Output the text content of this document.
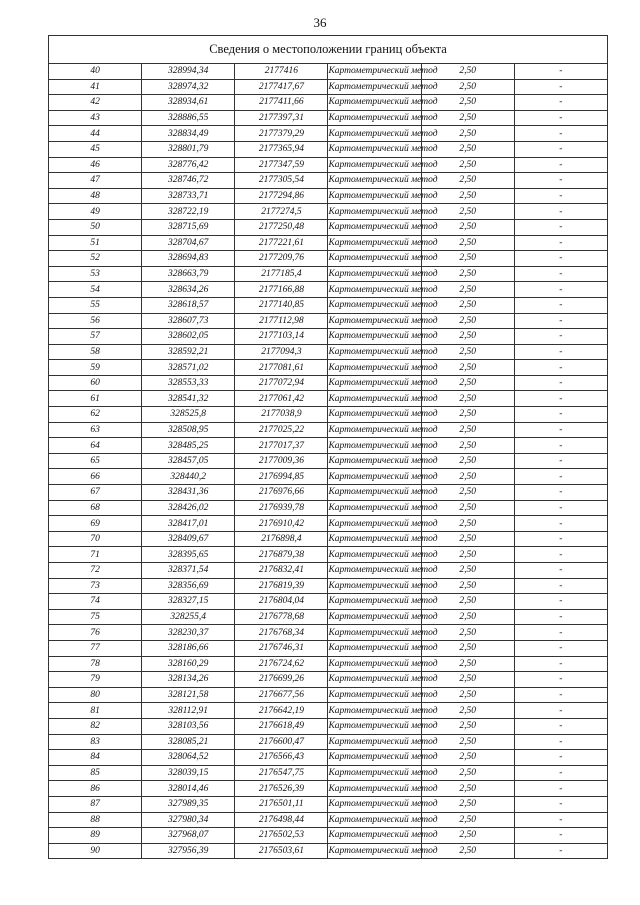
36
Сведения о местоположении границ объекта					
40	328994,34	2177416	Картометрический метод	2,50	-
41	328974,32	2177417,67	Картометрический метод	2,50	-
42	328934,61	2177411,66	Картометрический метод	2,50	-
43	328886,55	2177397,31	Картометрический метод	2,50	-
44	328834,49	2177379,29	Картометрический метод	2,50	-
45	328801,79	2177365,94	Картометрический метод	2,50	-
46	328776,42	2177347,59	Картометрический метод	2,50	-
47	328746,72	2177305,54	Картометрический метод	2,50	-
48	328733,71	2177294,86	Картометрический метод	2,50	-
49	328722,19	2177274,5	Картометрический метод	2,50	-
50	328715,69	2177250,48	Картометрический метод	2,50	-
51	328704,67	2177221,61	Картометрический метод	2,50	-
52	328694,83	2177209,76	Картометрический метод	2,50	-
53	328663,79	2177185,4	Картометрический метод	2,50	-
54	328634,26	2177166,88	Картометрический метод	2,50	-
55	328618,57	2177140,85	Картометрический метод	2,50	-
56	328607,73	2177112,98	Картометрический метод	2,50	-
57	328602,05	2177103,14	Картометрический метод	2,50	-
58	328592,21	2177094,3	Картометрический метод	2,50	-
59	328571,02	2177081,61	Картометрический метод	2,50	-
60	328553,33	2177072,94	Картометрический метод	2,50	-
61	328541,32	2177061,42	Картометрический метод	2,50	-
62	328525,8	2177038,9	Картометрический метод	2,50	-
63	328508,95	2177025,22	Картометрический метод	2,50	-
64	328485,25	2177017,37	Картометрический метод	2,50	-
65	328457,05	2177009,36	Картометрический метод	2,50	-
66	328440,2	2176994,85	Картометрический метод	2,50	-
67	328431,36	2176976,66	Картометрический метод	2,50	-
68	328426,02	2176939,78	Картометрический метод	2,50	-
69	328417,01	2176910,42	Картометрический метод	2,50	-
70	328409,67	2176898,4	Картометрический метод	2,50	-
71	328395,65	2176879,38	Картометрический метод	2,50	-
72	328371,54	2176832,41	Картометрический метод	2,50	-
73	328356,69	2176819,39	Картометрический метод	2,50	-
74	328327,15	2176804,04	Картометрический метод	2,50	-
75	328255,4	2176778,68	Картометрический метод	2,50	-
76	328230,37	2176768,34	Картометрический метод	2,50	-
77	328186,66	2176746,31	Картометрический метод	2,50	-
78	328160,29	2176724,62	Картометрический метод	2,50	-
79	328134,26	2176699,26	Картометрический метод	2,50	-
80	328121,58	2176677,56	Картометрический метод	2,50	-
81	328112,91	2176642,19	Картометрический метод	2,50	-
82	328103,56	2176618,49	Картометрический метод	2,50	-
83	328085,21	2176600,47	Картометрический метод	2,50	-
84	328064,52	2176566,43	Картометрический метод	2,50	-
85	328039,15	2176547,75	Картометрический метод	2,50	-
86	328014,46	2176526,39	Картометрический метод	2,50	-
87	327989,35	2176501,11	Картометрический метод	2,50	-
88	327980,34	2176498,44	Картометрический метод	2,50	-
89	327968,07	2176502,53	Картометрический метод	2,50	-
90	327956,39	2176503,61	Картометрический метод	2,50	-
